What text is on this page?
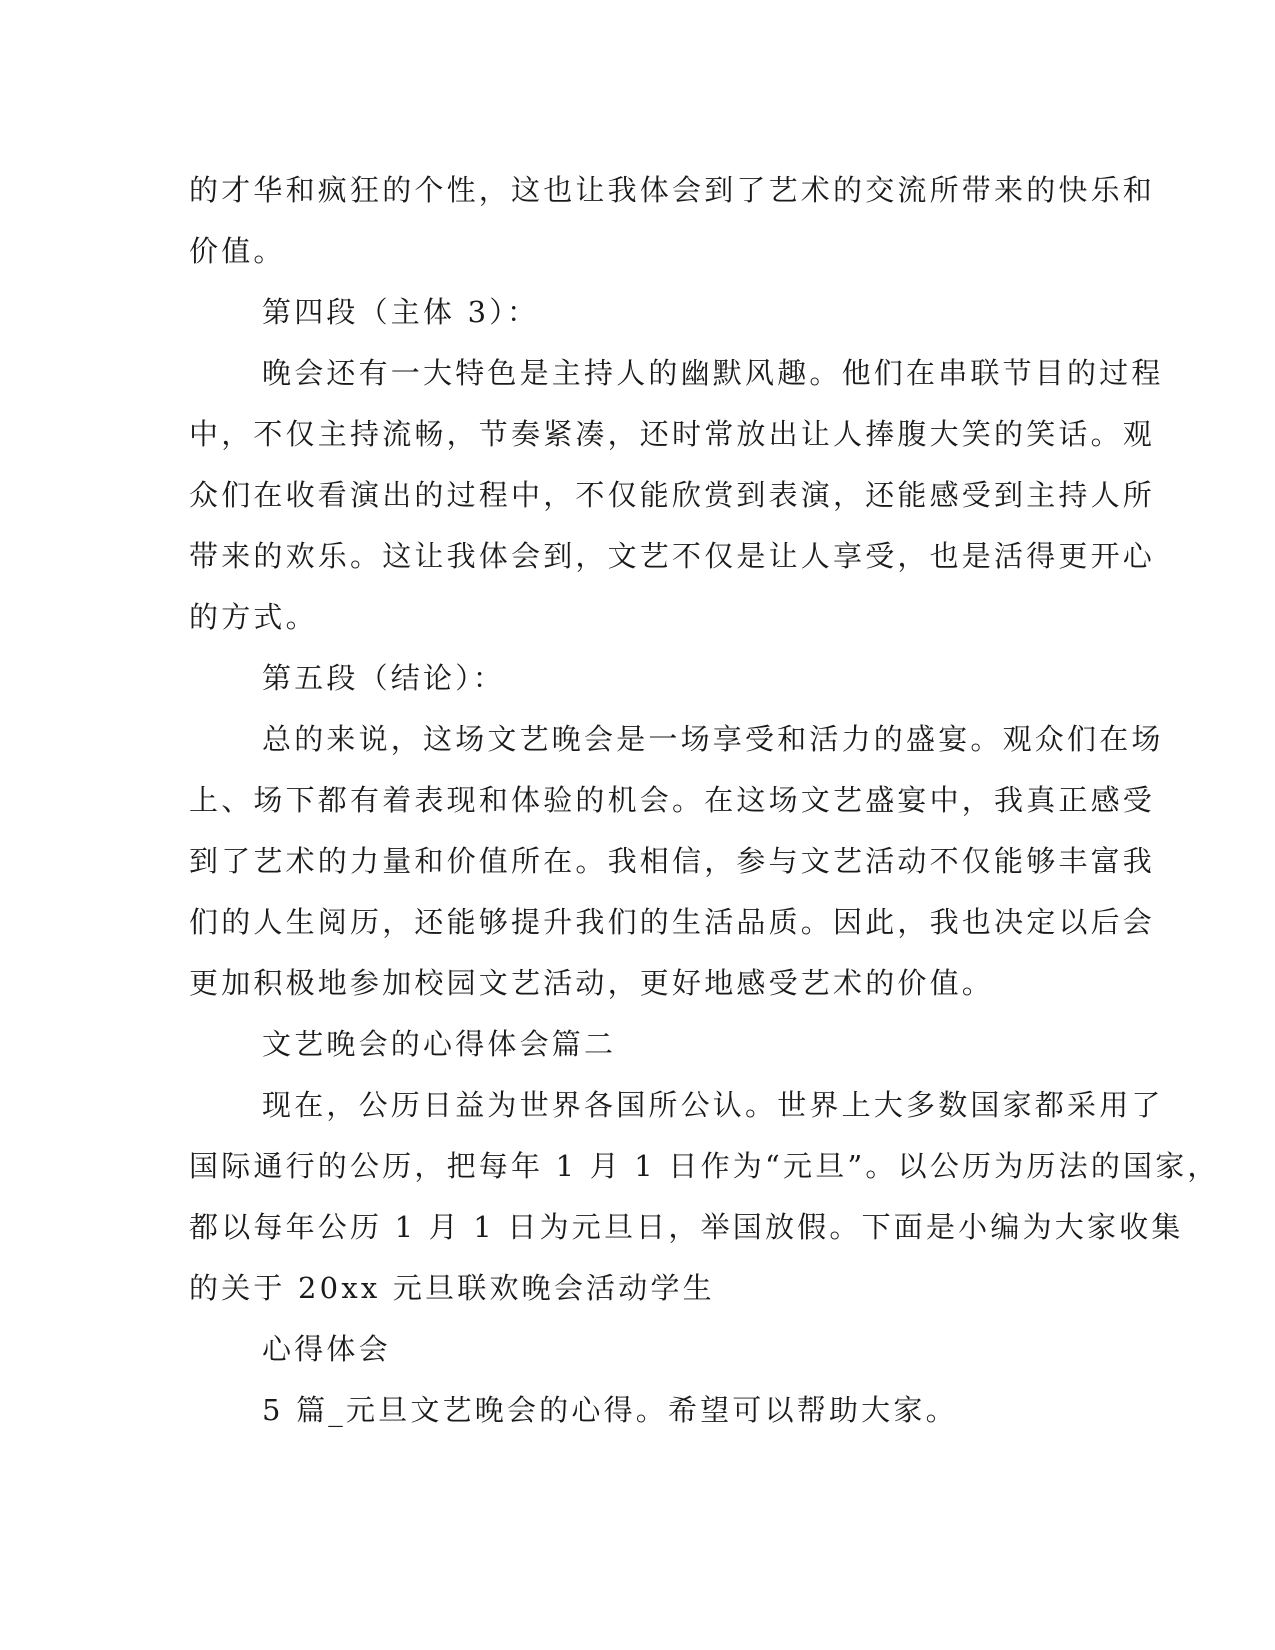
的才华和疯狂的个性，这也让我体会到了艺术的交流所带来的快乐和
价值。
第四段（主体 3）：
晚会还有一大特色是主持人的幽默风趣。他们在串联节目的过程
中，不仅主持流畅，节奏紧凑，还时常放出让人捧腹大笑的笑话。观
众们在收看演出的过程中，不仅能欣赏到表演，还能感受到主持人所
带来的欢乐。这让我体会到，文艺不仅是让人享受，也是活得更开心
的方式。
第五段（结论）：
总的来说，这场文艺晚会是一场享受和活力的盛宴。观众们在场
上、场下都有着表现和体验的机会。在这场文艺盛宴中，我真正感受
到了艺术的力量和价值所在。我相信，参与文艺活动不仅能够丰富我
们的人生阅历，还能够提升我们的生活品质。因此，我也决定以后会
更加积极地参加校园文艺活动，更好地感受艺术的价值。
文艺晚会的心得体会篇二
现在，公历日益为世界各国所公认。世界上大多数国家都采用了
国际通行的公历，把每年 1 月 1 日作为“元旦”。以公历为历法的国家，
都以每年公历 1 月 1 日为元旦日，举国放假。下面是小编为大家收集
的关于 20xx 元旦联欢晚会活动学生
心得体会
5 篇_元旦文艺晚会的心得。希望可以帮助大家。
